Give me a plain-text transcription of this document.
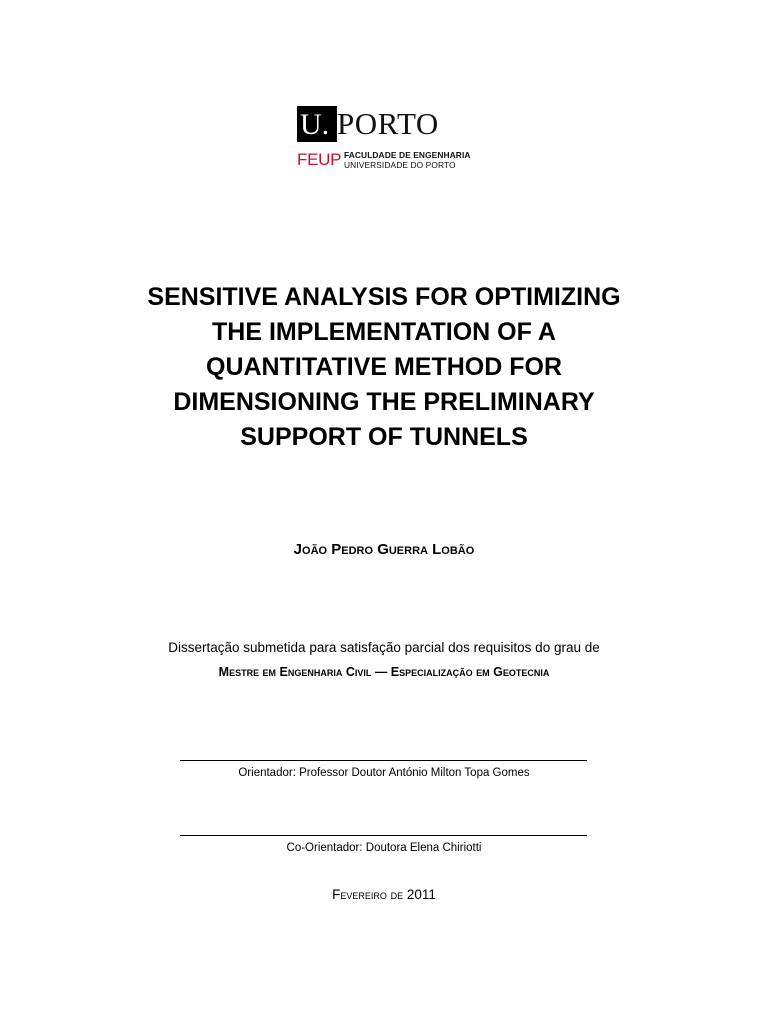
U. PORTO
FEUP FACULDADE DE ENGENHARIA
UNIVERSIDADE DO PORTO
SENSITIVE ANALYSIS FOR OPTIMIZING
THE IMPLEMENTATION OF A
QUANTITATIVE METHOD FOR
DIMENSIONING THE PRELIMINARY
SUPPORT OF TUNNELS
João Pedro Guerra Lobão
Dissertação submetida para satisfação parcial dos requisitos do grau de
Mestre em Engenharia Civil — Especialização em Geotecnia
Orientador: Professor Doutor António Milton Topa Gomes
Co-Orientador: Doutora Elena Chiriotti
Fevereiro de 2011
